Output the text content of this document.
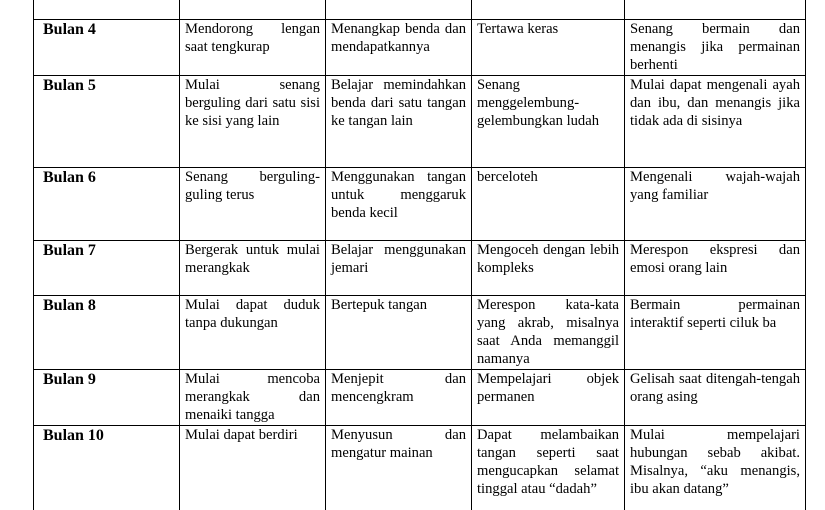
Bulan 4	Mendorong lengan saat tengkurap	Menangkap benda dan mendapatkannya	Tertawa keras	Senang bermain dan menangis jika permainan berhenti
Bulan 5	Mulai senang berguling dari satu sisi ke sisi yang lain	Belajar memindahkan benda dari satu tangan ke tangan lain	Senang menggelembung-gelembungkan ludah	Mulai dapat mengenali ayah dan ibu, dan menangis jika tidak ada di sisinya
Bulan 6	Senang berguling-guling terus	Menggunakan tangan untuk menggaruk benda kecil	berceloteh	Mengenali wajah-wajah yang familiar
Bulan 7	Bergerak untuk mulai merangkak	Belajar menggunakan jemari	Mengoceh dengan lebih kompleks	Merespon ekspresi dan emosi orang lain
Bulan 8	Mulai dapat duduk tanpa dukungan	Bertepuk tangan	Merespon kata-kata yang akrab, misalnya saat Anda memanggil namanya	Bermain permainan interaktif seperti ciluk ba
Bulan 9	Mulai mencoba merangkak dan menaiki tangga	Menjepit dan mencengkram	Mempelajari objek permanen	Gelisah saat ditengah-tengah orang asing
Bulan 10	Mulai dapat berdiri	Menyusun dan mengatur mainan	Dapat melambaikan tangan seperti saat mengucapkan selamat tinggal atau “dadah”	Mulai mempelajari hubungan sebab akibat. Misalnya, “aku menangis, ibu akan datang”
